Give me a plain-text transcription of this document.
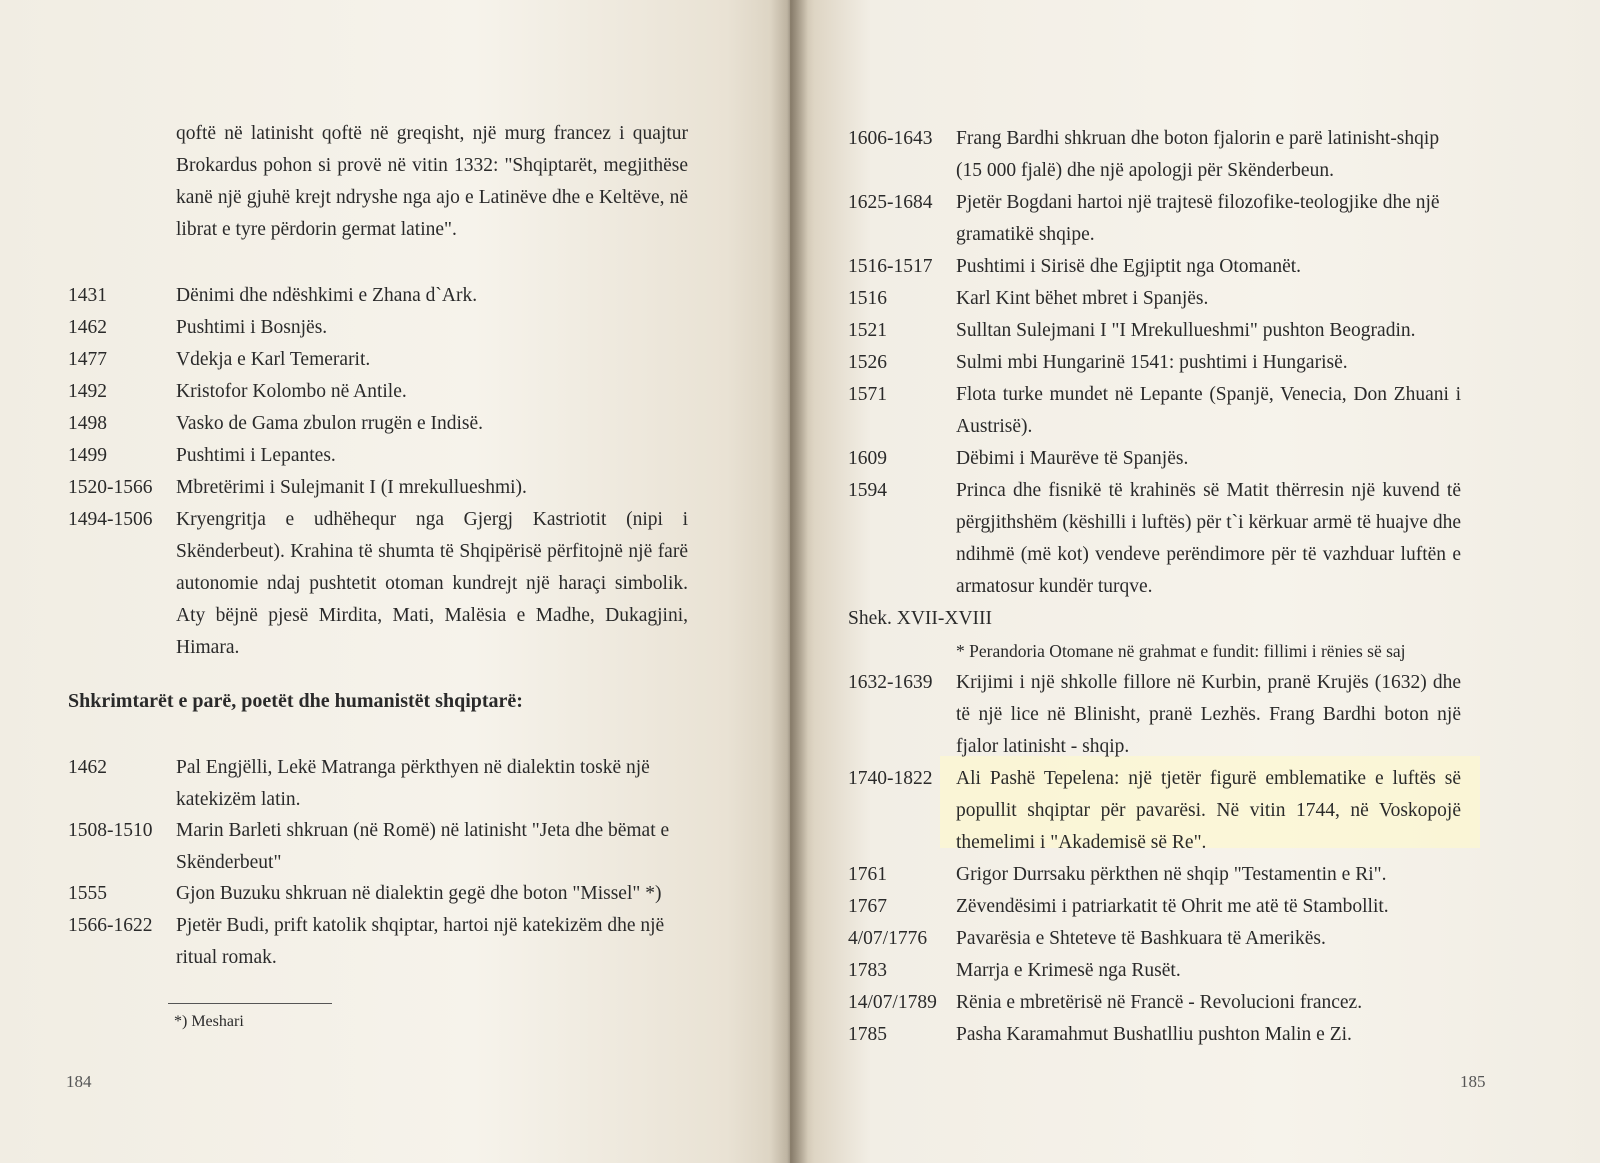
qoftë në latinisht qoftë në greqisht, një murg francez i quajtur Brokardus pohon si provë në vitin 1332: "Shqiptarët, megjithëse kanë një gjuhë krejt ndryshe nga ajo e Latinëve dhe e Keltëve, në librat e tyre përdorin germat latine".
1431	Dënimi dhe ndëshkimi e Zhana d`Ark.
1462	Pushtimi i Bosnjës.
1477	Vdekja e Karl Temerarit.
1492	Kristofor Kolombo në Antile.
1498	Vasko de Gama zbulon rrugën e Indisë.
1499	Pushtimi i Lepantes.
1520-1566	Mbretërimi i Sulejmanit I (I mrekullueshmi).
1494-1506	Kryengritja e udhëhequr nga Gjergj Kastriotit (nipi i Skënderbeut). Krahina të shumta të Shqipërisë përfitojnë një farë autonomie ndaj pushtetit otoman kundrejt një haraçi simbolik. Aty bëjnë pjesë Mirdita, Mati, Malësia e Madhe, Dukagjini, Himara.
Shkrimtarët e parë, poetët dhe humanistët shqiptarë:
1462	Pal Engjëlli, Lekë Matranga përkthyen në dialektin toskë një katekizëm latin.
1508-1510	Marin Barleti shkruan (në Romë) në latinisht "Jeta dhe bëmat e Skënderbeut"
1555	Gjon Buzuku shkruan në dialektin gegë dhe boton "Missel" *)
1566-1622	Pjetër Budi, prift katolik shqiptar, hartoi një katekizëm dhe një ritual romak.
*) Meshari
184
1606-1643	Frang Bardhi shkruan dhe boton fjalorin e parë latinisht-shqip (15 000 fjalë) dhe një apologji për Skënderbeun.
1625-1684	Pjetër Bogdani hartoi një trajtesë filozofike-teologjike dhe një gramatikë shqipe.
1516-1517	Pushtimi i Sirisë dhe Egjiptit nga Otomanët.
1516	Karl Kint bëhet mbret i Spanjës.
1521	Sulltan Sulejmani I "I Mrekullueshmi" pushton Beogradin.
1526	Sulmi mbi Hungarinë 1541: pushtimi i Hungarisë.
1571	Flota turke mundet në Lepante (Spanjë, Venecia, Don Zhuani i Austrisë).
1609	Dëbimi i Maurëve të Spanjës.
1594	Princa dhe fisnikë të krahinës së Matit thërresin një kuvend të përgjithshëm (këshilli i luftës) për t`i kërkuar armë të huajve dhe ndihmë (më kot) vendeve perëndimore për të vazhduar luftën e armatosur kundër turqve.
Shek. XVII-XVIII
* Perandoria Otomane në grahmat e fundit: fillimi i rënies së saj
1632-1639	Krijimi i një shkolle fillore në Kurbin, pranë Krujës (1632) dhe të një lice në Blinisht, pranë Lezhës. Frang Bardhi boton një fjalor latinisht - shqip.
1740-1822	Ali Pashë Tepelena: një tjetër figurë emblematike e luftës së popullit shqiptar për pavarësi. Në vitin 1744, në Voskopojë themelimi i "Akademisë së Re".
1761	Grigor Durrsaku përkthen në shqip "Testamentin e Ri".
1767	Zëvendësimi i patriarkatit të Ohrit me atë të Stambollit.
4/07/1776	Pavarësia e Shteteve të Bashkuara të Amerikës.
1783	Marrja e Krimesë nga Rusët.
14/07/1789 Rënia e mbretërisë në Francë - Revolucioni francez.
1785	Pasha Karamahmut Bushatlliu pushton Malin e Zi.
185
